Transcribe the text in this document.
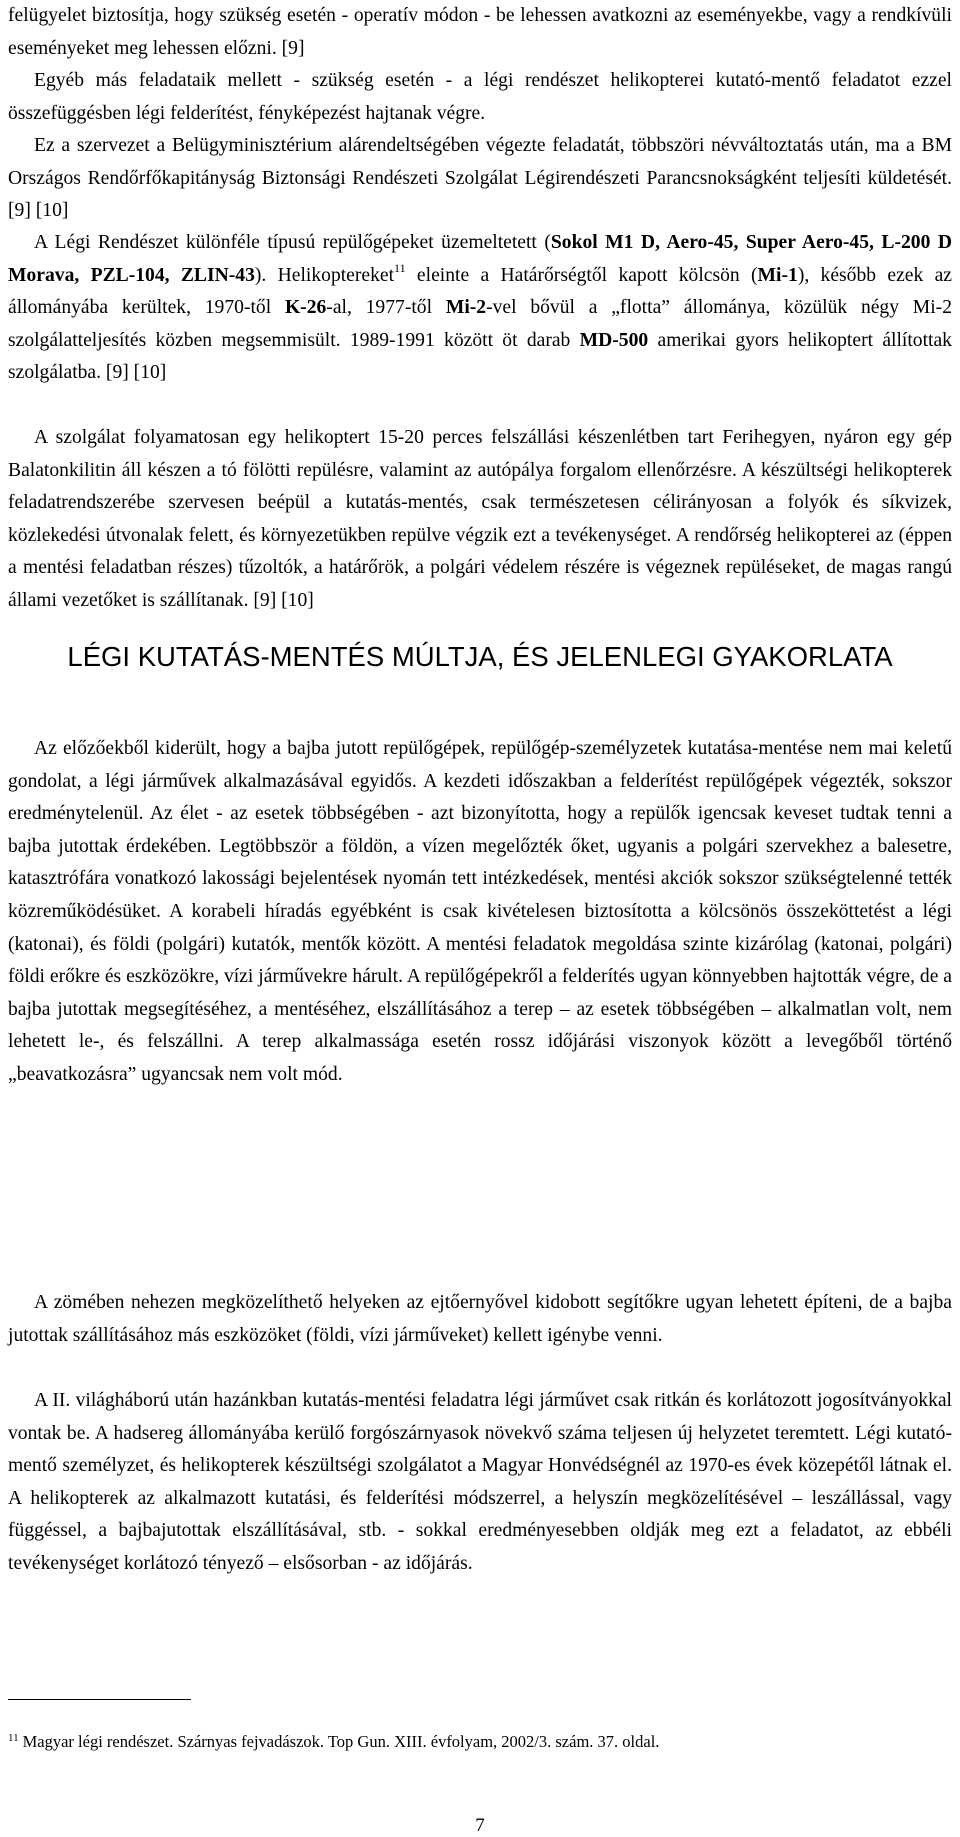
felügyelet biztosítja, hogy szükség esetén - operatív módon - be lehessen avatkozni az eseményekbe, vagy a rendkívüli eseményeket meg lehessen előzni. [9]

Egyéb más feladataik mellett - szükség esetén - a légi rendészet helikopterei kutató-mentő feladatot ezzel összefüggésben légi felderítést, fényképezést hajtanak végre.

Ez a szervezet a Belügyminisztérium alárendeltségében végezte feladatát, többszöri névváltoztatás után, ma a BM Országos Rendőrfőkapitányság Biztonsági Rendészeti Szolgálat Légirendészeti Parancsnokságként teljesíti küldetését. [9] [10]

A Légi Rendészet különféle típusú repülőgépeket üzemeltetett (Sokol M1 D, Aero-45, Super Aero-45, L-200 D Morava, PZL-104, ZLIN-43). Helikoptereket$^{11}$ eleinte a Határőrségtől kapott kölcsön (Mi-1), később ezek az állományába kerültek, 1970-től K-26-al, 1977-től Mi-2-vel bővül a „flotta” állománya, közülük négy Mi-2 szolgálatteljesítés közben megsemmisült. 1989-1991 között öt darab MD-500 amerikai gyors helikoptert állítottak szolgálatba. [9] [10]

A szolgálat folyamatosan egy helikoptert 15-20 perces felszállási készenlétben tart Ferihegyen, nyáron egy gép Balatonkilitin áll készen a tó fölötti repülésre, valamint az autópálya forgalom ellenőrzésre. A készültségi helikopterek feladatrendszerébe szervesen beépül a kutatás-mentés, csak természetesen célirányosan a folyók és síkvizek, közlekedési útvonalak felett, és környezetükben repülve végzik ezt a tevékenységet. A rendőrség helikopterei az (éppen a mentési feladatban részes) tűzoltók, a határőrök, a polgári védelem részére is végeznek repüléseket, de magas rangú állami vezetőket is szállítanak. [9] [10]

LÉGI KUTATÁS-MENTÉS MÚLTJA, ÉS JELENLEGI GYAKORLATA

Az előzőekből kiderült, hogy a bajba jutott repülőgépek, repülőgép-személyzetek kutatása-mentése nem mai keletű gondolat, a légi járművek alkalmazásával egyidős. A kezdeti időszakban a felderítést repülőgépek végezték, sokszor eredménytelenül. Az élet - az esetek többségében - azt bizonyította, hogy a repülők igencsak keveset tudtak tenni a bajba jutottak érdekében. Legtöbbször a földön, a vízen megelőzték őket, ugyanis a polgári szervekhez a balesetre, katasztrófára vonatkozó lakossági bejelentések nyomán tett intézkedések, mentési akciók sokszor szükségtelenné tették közreműködésüket. A korabeli híradás egyébként is csak kivételesen biztosította a kölcsönös összeköttetést a légi (katonai), és földi (polgári) kutatók, mentők között. A mentési feladatok megoldása szinte kizárólag (katonai, polgári) földi erőkre és eszközökre, vízi járművekre hárult. A repülőgépekről a felderítés ugyan könnyebben hajtották végre, de a bajba jutottak megsegítéséhez, a mentéséhez, elszállításához a terep – az esetek többségében – alkalmatlan volt, nem lehetett le-, és felszállni. A terep alkalmassága esetén rossz időjárási viszonyok között a levegőből történő „beavatkozásra” ugyancsak nem volt mód.

A zömében nehezen megközelíthető helyeken az ejtőernyővel kidobott segítőkre ugyan lehetett építeni, de a bajba jutottak szállításához más eszközöket (földi, vízi járműveket) kellett igénybe venni.

A II. világháború után hazánkban kutatás-mentési feladatra légi járművet csak ritkán és korlátozott jogosítványokkal vontak be. A hadsereg állományába kerülő forgószárnyasok növekvő száma teljesen új helyzetet teremtett. Légi kutató-mentő személyzet, és helikopterek készültségi szolgálatot a Magyar Honvédségnél az 1970-es évek közepétől látnak el. A helikopterek az alkalmazott kutatási, és felderítési módszerrel, a helyszín megközelítésével – leszállással, vagy függéssel, a bajbajutottak elszállításával, stb. - sokkal eredményesebben oldják meg ezt a feladatot, az ebbéli tevékenységet korlátozó tényező – elsősorban - az időjárás.

$^{11}$ Magyar légi rendészet. Szárnyas fejvadászok. Top Gun. XIII. évfolyam, 2002/3. szám. 37. oldal.

7
